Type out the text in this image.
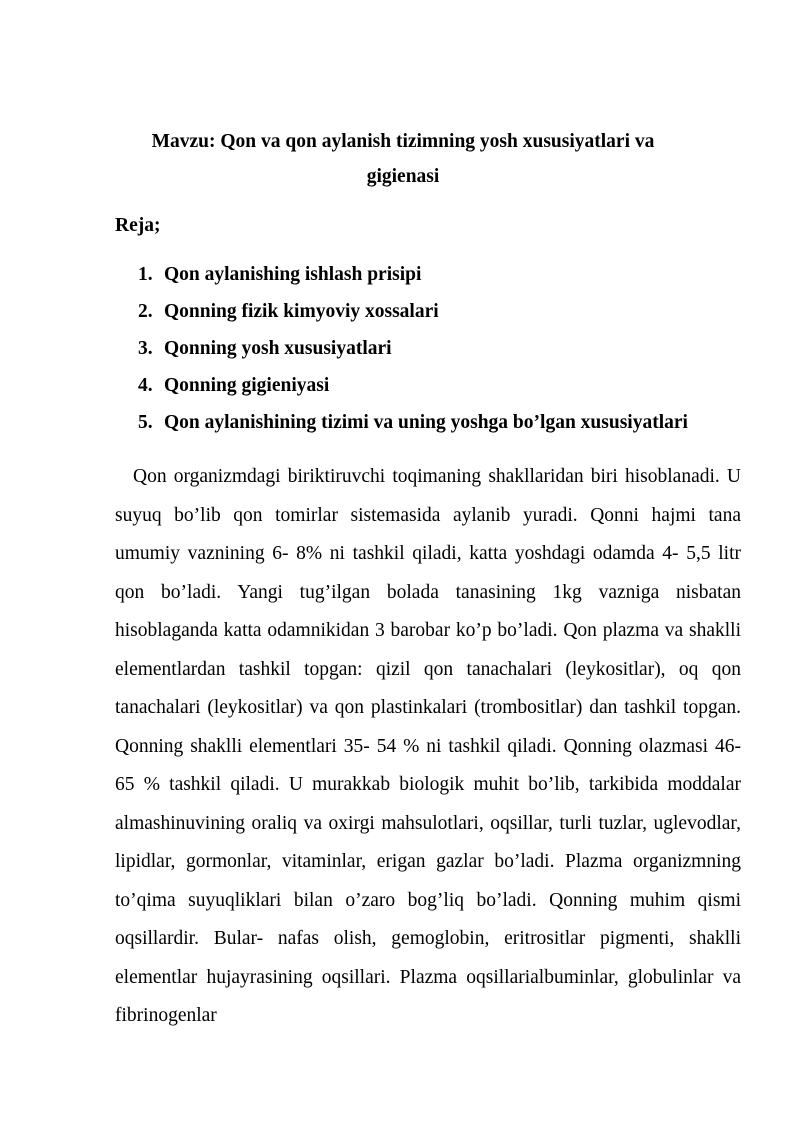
Mavzu: Qon va qon aylanish tizimning yosh xususiyatlari va gigienasi

Reja;

1. Qon aylanishing ishlash prisipi
2. Qonning fizik kimyoviy xossalari
3. Qonning yosh xususiyatlari
4. Qonning gigieniyasi
5. Qon aylanishining tizimi va uning yoshga bo’lgan xususiyatlari

Qon organizmdagi biriktiruvchi toqimaning shakllaridan biri hisoblanadi. U suyuq bo’lib qon tomirlar sistemasida aylanib yuradi. Qonni hajmi tana umumiy vaznining 6- 8% ni tashkil qiladi, katta yoshdagi odamda 4- 5,5 litr qon bo’ladi. Yangi tug’ilgan bolada tanasining 1kg vazniga nisbatan hisoblaganda katta odamnikidan 3 barobar ko’p bo’ladi. Qon plazma va shaklli elementlardan tashkil topgan: qizil qon tanachalari (leykositlar), oq qon tanachalari (leykositlar) va qon plastinkalari (trombositlar) dan tashkil topgan. Qonning shaklli elementlari 35- 54 % ni tashkil qiladi. Qonning olazmasi 46- 65 % tashkil qiladi. U murakkab biologik muhit bo’lib, tarkibida moddalar almashinuvining oraliq va oxirgi mahsulotlari, oqsillar, turli tuzlar, uglevodlar, lipidlar, gormonlar, vitaminlar, erigan gazlar bo’ladi. Plazma organizmning to’qima suyuqliklari bilan o’zaro bog’liq bo’ladi. Qonning muhim qismi oqsillardir. Bular- nafas olish, gemoglobin, eritrositlar pigmenti, shaklli elementlar hujayrasining oqsillari. Plazma oqsillarialbuminlar, globulinlar va fibrinogenlar
